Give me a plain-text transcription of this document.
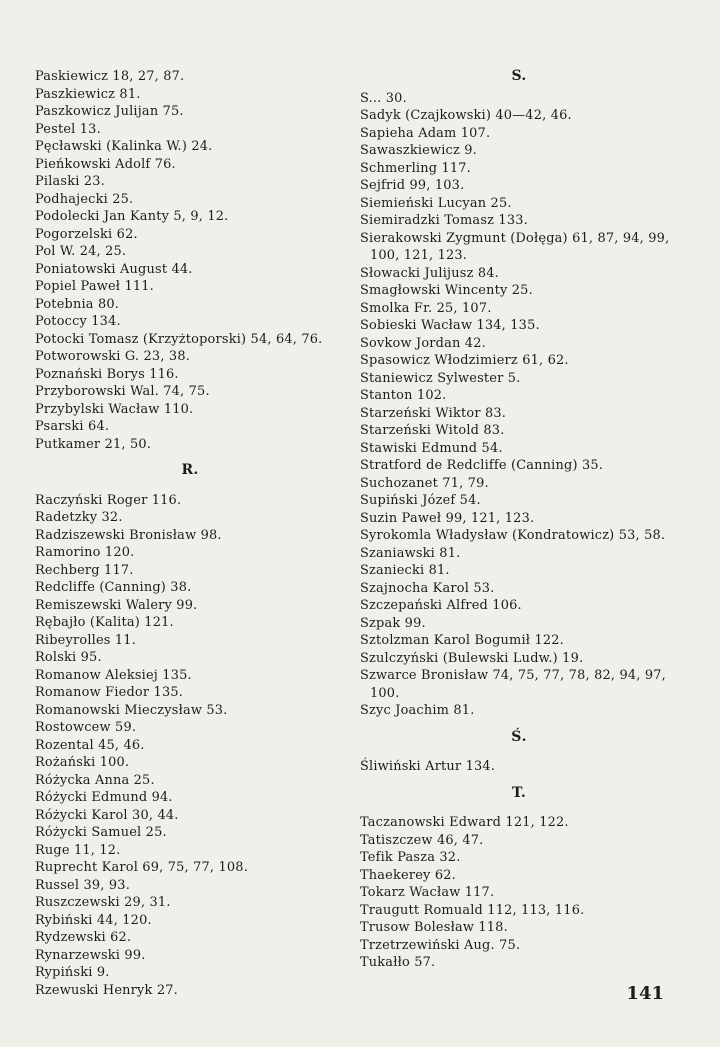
Paskiewicz 18, 27, 87.
Paszkiewicz 81.
Paszkowicz Julijan 75.
Pestel 13.
Pęcławski (Kalinka W.) 24.
Pieńkowski Adolf 76.
Pilaski 23.
Podhajecki 25.
Podolecki Jan Kanty 5, 9, 12.
Pogorzelski 62.
Pol W. 24, 25.
Poniatowski August 44.
Popiel Paweł 111.
Potebnia 80.
Potoccy 134.
Potocki Tomasz (Krzyżtoporski) 54, 64, 76.
Potworowski G. 23, 38.
Poznański Borys 116.
Przyborowski Wal. 74, 75.
Przybylski Wacław 110.
Psarski 64.
Putkamer 21, 50.
R.
Raczyński Roger 116.
Radetzky 32.
Radziszewski Bronisław 98.
Ramorino 120.
Rechberg 117.
Redcliffe (Canning) 38.
Remiszewski Walery 99.
Rębajło (Kalita) 121.
Ribeyrolles 11.
Rolski 95.
Romanow Aleksiej 135.
Romanow Fiedor 135.
Romanowski Mieczysław 53.
Rostowcew 59.
Rozental 45, 46.
Rożański 100.
Różycka Anna 25.
Różycki Edmund 94.
Różycki Karol 30, 44.
Różycki Samuel 25.
Ruge 11, 12.
Ruprecht Karol 69, 75, 77, 108.
Russel 39, 93.
Ruszczewski 29, 31.
Rybiński 44, 120.
Rydzewski 62.
Rynarzewski 99.
Rypiński 9.
Rzewuski Henryk 27.
S.
S... 30.
Sadyk (Czajkowski) 40—42, 46.
Sapieha Adam 107.
Sawaszkiewicz 9.
Schmerling 117.
Sejfrid 99, 103.
Siemieński Lucyan 25.
Siemiradzki Tomasz 133.
Sierakowski Zygmunt (Dołęga) 61, 87, 94, 99, 100, 121, 123.
Słowacki Julijusz 84.
Smagłowski Wincenty 25.
Smolka Fr. 25, 107.
Sobieski Wacław 134, 135.
Sovkow Jordan 42.
Spasowicz Włodzimierz 61, 62.
Staniewicz Sylwester 5.
Stanton 102.
Starzeński Wiktor 83.
Starzeński Witold 83.
Stawiski Edmund 54.
Stratford de Redcliffe (Canning) 35.
Suchozanet 71, 79.
Supiński Józef 54.
Suzin Paweł 99, 121, 123.
Syrokomla Władysław (Kondratowicz) 53, 58.
Szaniawski 81.
Szaniecki 81.
Szajnocha Karol 53.
Szczepański Alfred 106.
Szpak 99.
Sztolzman Karol Bogumił 122.
Szulczyński (Bulewski Ludw.) 19.
Szwarce Bronisław 74, 75, 77, 78, 82, 94, 97, 100.
Szyc Joachim 81.
Ś.
Śliwiński Artur 134.
T.
Taczanowski Edward 121, 122.
Tatiszczew 46, 47.
Tefik Pasza 32.
Thaekerey 62.
Tokarz Wacław 117.
Traugutt Romuald 112, 113, 116.
Trusow Bolesław 118.
Trzetrzewiński Aug. 75.
Tukałło 57.
141
